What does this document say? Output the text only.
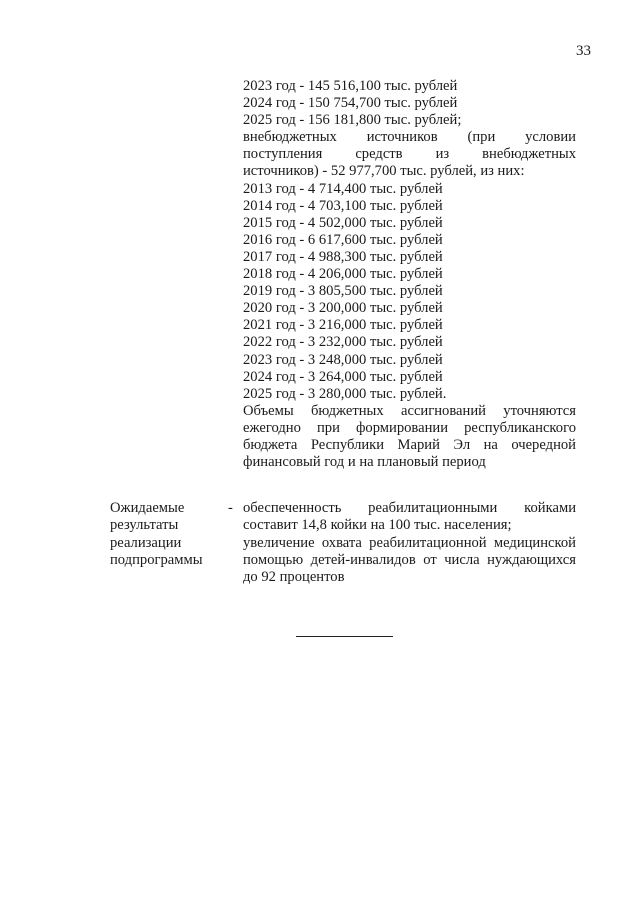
33
2023 год - 145 516,100 тыс. рублей
2024 год - 150 754,700 тыс. рублей
2025 год - 156 181,800 тыс. рублей;
внебюджетных источников (при условии
поступления средств из внебюджетных
источников) - 52 977,700 тыс. рублей, из них:
2013 год - 4 714,400 тыс. рублей
2014 год - 4 703,100 тыс. рублей
2015 год - 4 502,000 тыс. рублей
2016 год - 6 617,600 тыс. рублей
2017 год - 4 988,300 тыс. рублей
2018 год - 4 206,000 тыс. рублей
2019 год - 3 805,500 тыс. рублей
2020 год - 3 200,000 тыс. рублей
2021 год - 3 216,000 тыс. рублей
2022 год - 3 232,000 тыс. рублей
2023 год - 3 248,000 тыс. рублей
2024 год - 3 264,000 тыс. рублей
2025 год - 3 280,000 тыс. рублей.
Объемы бюджетных ассигнований уточняются
ежегодно при формировании республиканского
бюджета Республики Марий Эл на очередной
финансовый год и на плановый период
Ожидаемые
результаты
реализации
подпрограммы
- обеспеченность реабилитационными койками
составит 14,8 койки на 100 тыс. населения;
увеличение охвата реабилитационной медицинской
помощью детей-инвалидов от числа нуждающихся
до 92 процентов
